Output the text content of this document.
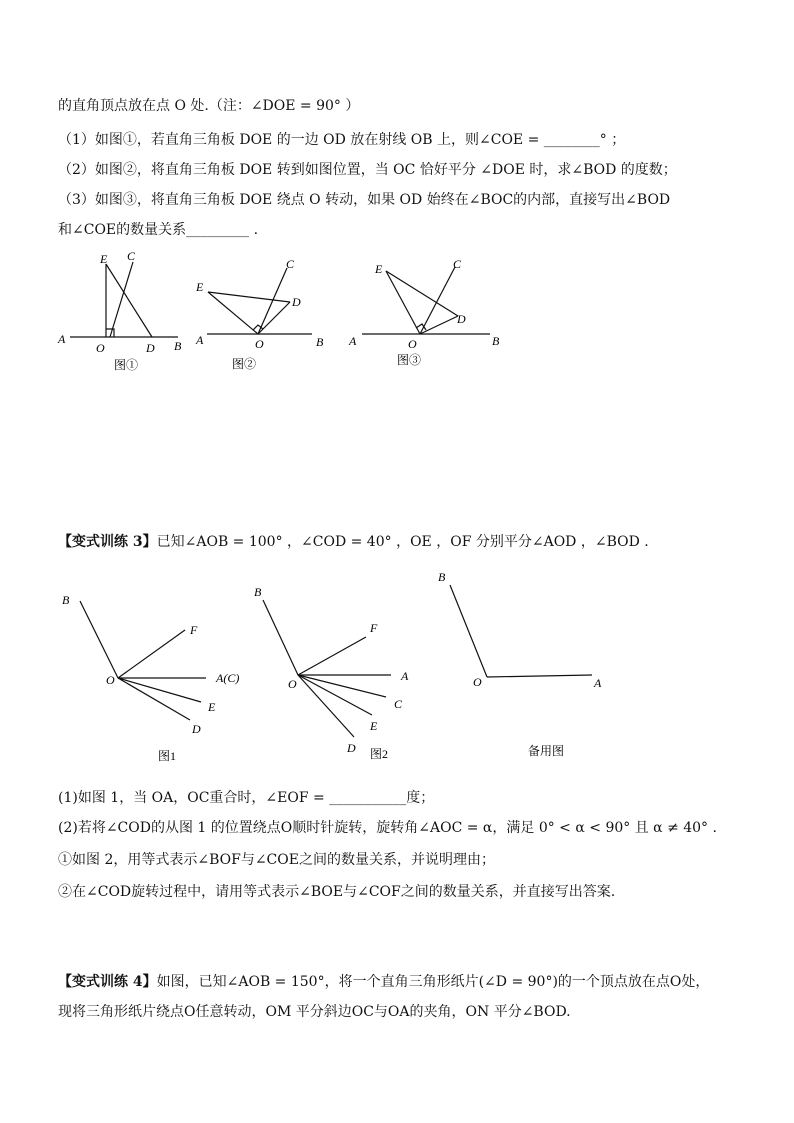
的直角顶点放在点 O 处.（注：∠DOE = 90° ）
（1）如图①，若直角三角板 DOE 的一边 OD 放在射线 OB 上，则∠COE = ________° ；
（2）如图②，将直角三角板 DOE 转到如图位置，当 OC 恰好平分 ∠DOE 时，求∠BOD 的度数；
（3）如图③，将直角三角板 DOE 绕点 O 转动，如果 OD 始终在∠BOC的内部，直接写出∠BOD
和∠COE的数量关系_________ .
E C
A
O	D B
图①
E
C
D
A	O	B
图②
E	C
D
A	O	B
图③
【变式训练 3】已知∠AOB = 100° ，∠COD = 40° ，OE ，OF 分别平分∠AOD ，∠BOD .
B
F
O	A(C)
E
D
图1
B
F
O
A
C
E
D 图2
B
O	A
备用图
(1)如图 1，当 OA，OC重合时，∠EOF = ___________度；
(2)若将∠COD的从图 1 的位置绕点O顺时针旋转，旋转角∠AOC = α，满足 0° < α < 90° 且 α ≠ 40° .
①如图 2，用等式表示∠BOF与∠COE之间的数量关系，并说明理由；
②在∠COD旋转过程中，请用等式表示∠BOE与∠COF之间的数量关系，并直接写出答案.
【变式训练 4】如图，已知∠AOB = 150°，将一个直角三角形纸片(∠D = 90°)的一个顶点放在点O处，
现将三角形纸片绕点O任意转动，OM 平分斜边OC与OA的夹角，ON 平分∠BOD.
